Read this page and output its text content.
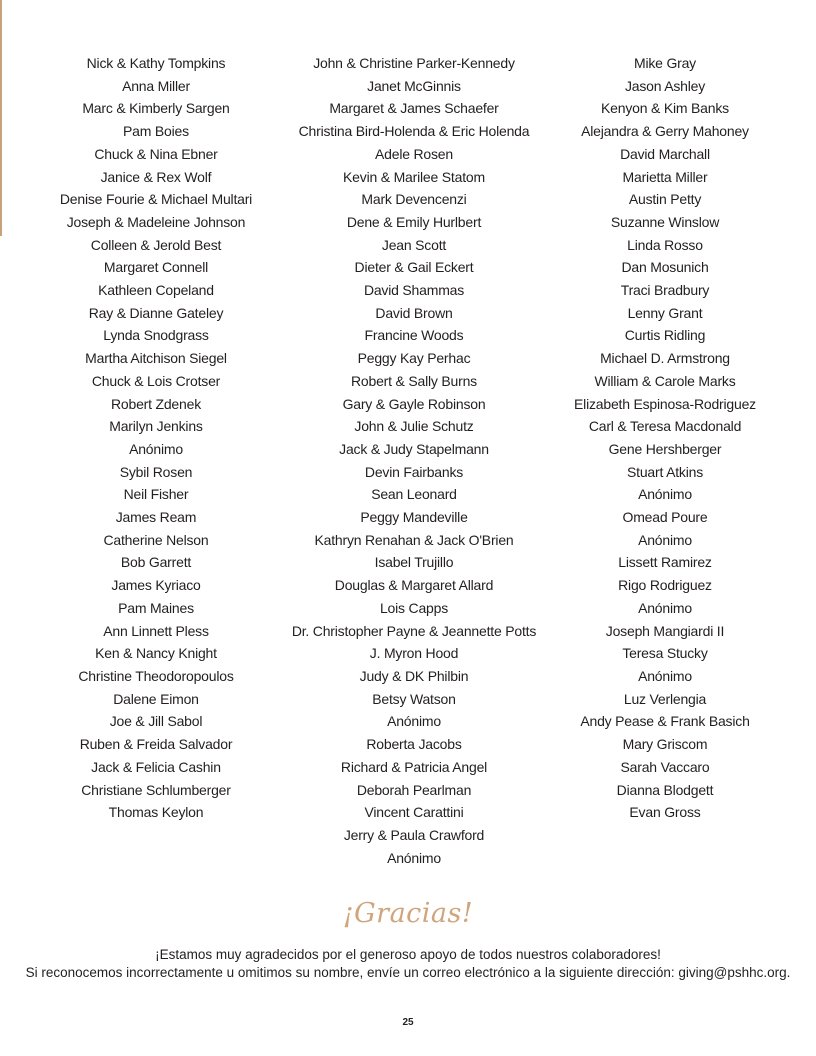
Nick & Kathy Tompkins
Anna Miller
Marc & Kimberly Sargen
Pam Boies
Chuck & Nina Ebner
Janice & Rex Wolf
Denise Fourie & Michael Multari
Joseph & Madeleine Johnson
Colleen & Jerold Best
Margaret Connell
Kathleen Copeland
Ray & Dianne Gateley
Lynda Snodgrass
Martha Aitchison Siegel
Chuck & Lois Crotser
Robert Zdenek
Marilyn Jenkins
Anónimo
Sybil Rosen
Neil Fisher
James Ream
Catherine Nelson
Bob Garrett
James Kyriaco
Pam Maines
Ann Linnett Pless
Ken & Nancy Knight
Christine Theodoropoulos
Dalene Eimon
Joe & Jill Sabol
Ruben & Freida Salvador
Jack & Felicia Cashin
Christiane Schlumberger
Thomas Keylon
John & Christine Parker-Kennedy
Janet McGinnis
Margaret & James Schaefer
Christina Bird-Holenda & Eric Holenda
Adele Rosen
Kevin & Marilee Statom
Mark Devencenzi
Dene & Emily Hurlbert
Jean Scott
Dieter & Gail Eckert
David Shammas
David Brown
Francine Woods
Peggy Kay Perhac
Robert & Sally Burns
Gary & Gayle Robinson
John & Julie Schutz
Jack & Judy Stapelmann
Devin Fairbanks
Sean Leonard
Peggy Mandeville
Kathryn Renahan & Jack O'Brien
Isabel Trujillo
Douglas & Margaret Allard
Lois Capps
Dr. Christopher Payne & Jeannette Potts
J. Myron Hood
Judy & DK Philbin
Betsy Watson
Anónimo
Roberta Jacobs
Richard & Patricia Angel
Deborah Pearlman
Vincent Carattini
Jerry & Paula Crawford
Anónimo
Mike Gray
Jason Ashley
Kenyon & Kim Banks
Alejandra & Gerry Mahoney
David Marchall
Marietta Miller
Austin Petty
Suzanne Winslow
Linda Rosso
Dan Mosunich
Traci Bradbury
Lenny Grant
Curtis Ridling
Michael D. Armstrong
William & Carole Marks
Elizabeth Espinosa-Rodriguez
Carl & Teresa Macdonald
Gene Hershberger
Stuart Atkins
Anónimo
Omead Poure
Anónimo
Lissett Ramirez
Rigo Rodriguez
Anónimo
Joseph Mangiardi II
Teresa Stucky
Anónimo
Luz Verlengia
Andy Pease & Frank Basich
Mary Griscom
Sarah Vaccaro
Dianna Blodgett
Evan Gross
¡Gracias!
¡Estamos muy agradecidos por el generoso apoyo de todos nuestros colaboradores!
Si reconocemos incorrectamente u omitimos su nombre, envíe un correo electrónico a la siguiente dirección: giving@pshhc.org.
25
